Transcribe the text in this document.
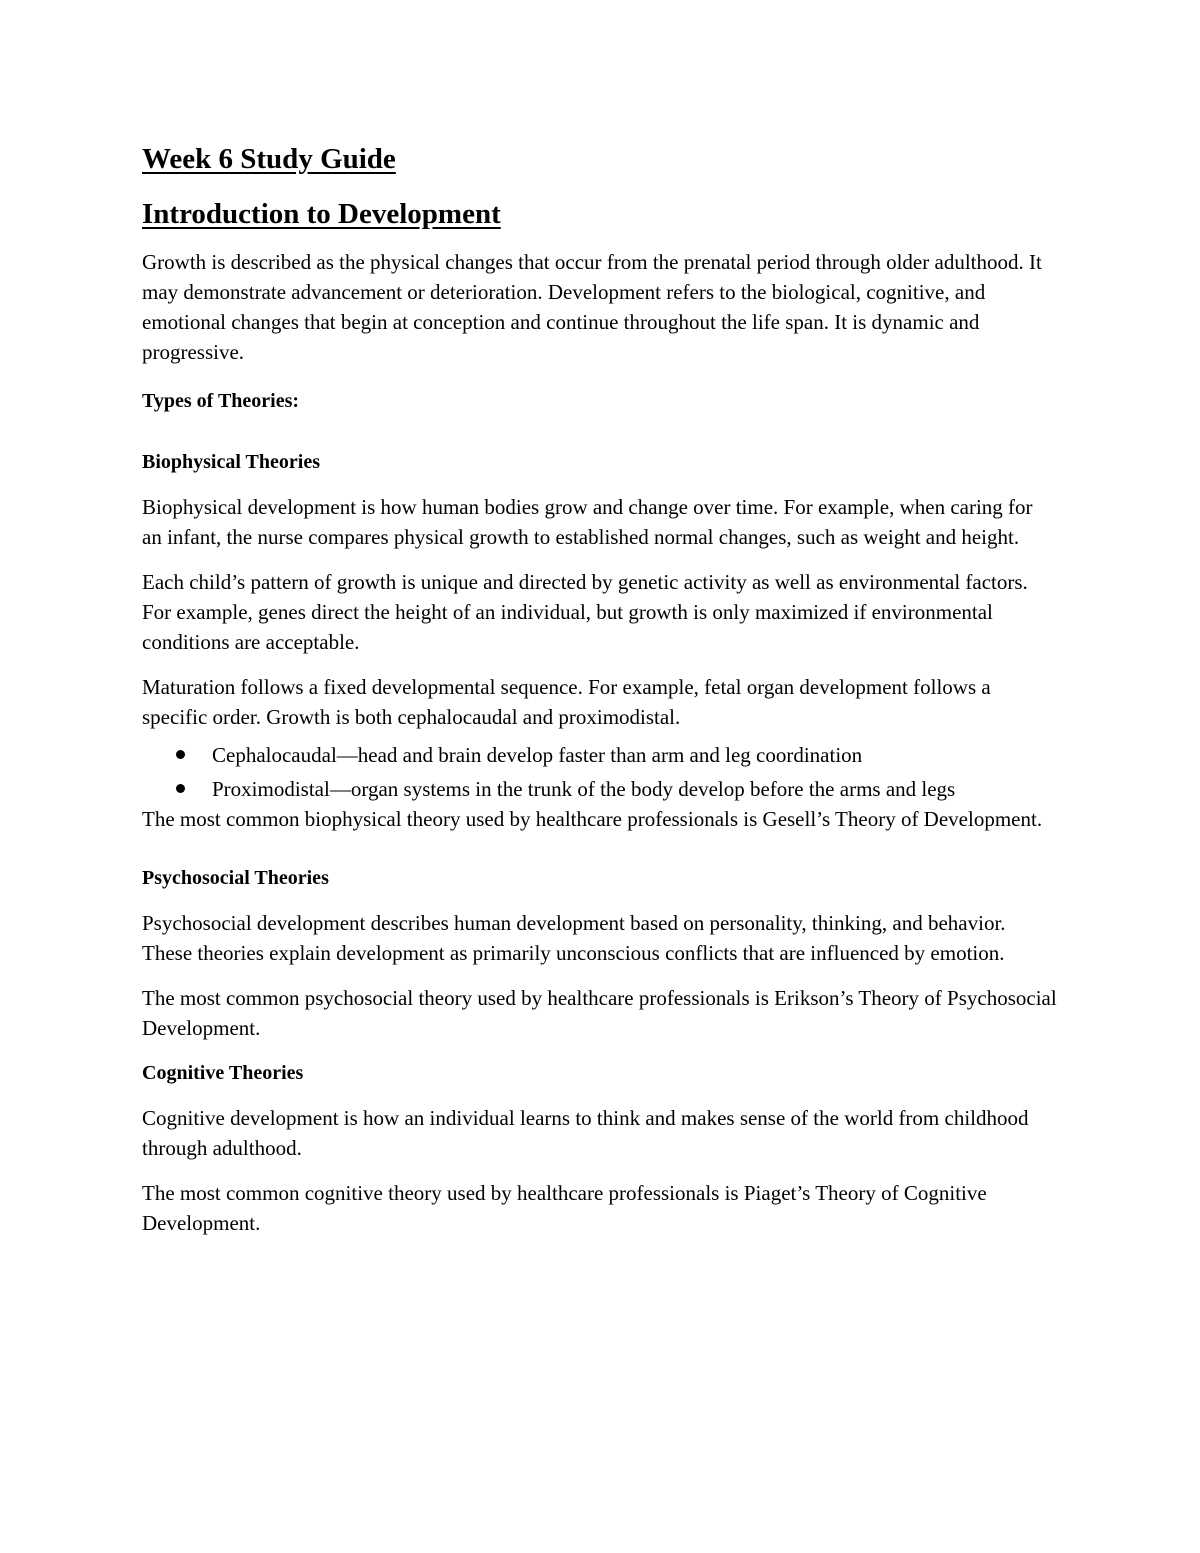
Week 6 Study Guide
Introduction to Development

Growth is described as the physical changes that occur from the prenatal period through older adulthood. It may demonstrate advancement or deterioration. Development refers to the biological, cognitive, and emotional changes that begin at conception and continue throughout the life span. It is dynamic and progressive.

Types of Theories:

Biophysical Theories

Biophysical development is how human bodies grow and change over time. For example, when caring for an infant, the nurse compares physical growth to established normal changes, such as weight and height.

Each child’s pattern of growth is unique and directed by genetic activity as well as environmental factors. For example, genes direct the height of an individual, but growth is only maximized if environmental conditions are acceptable.

Maturation follows a fixed developmental sequence. For example, fetal organ development follows a specific order. Growth is both cephalocaudal and proximodistal.

Cephalocaudal—head and brain develop faster than arm and leg coordination
Proximodistal—organ systems in the trunk of the body develop before the arms and legs

The most common biophysical theory used by healthcare professionals is Gesell’s Theory of Development.

Psychosocial Theories

Psychosocial development describes human development based on personality, thinking, and behavior. These theories explain development as primarily unconscious conflicts that are influenced by emotion.

The most common psychosocial theory used by healthcare professionals is Erikson’s Theory of Psychosocial Development.

Cognitive Theories

Cognitive development is how an individual learns to think and makes sense of the world from childhood through adulthood.

The most common cognitive theory used by healthcare professionals is Piaget’s Theory of Cognitive Development.
